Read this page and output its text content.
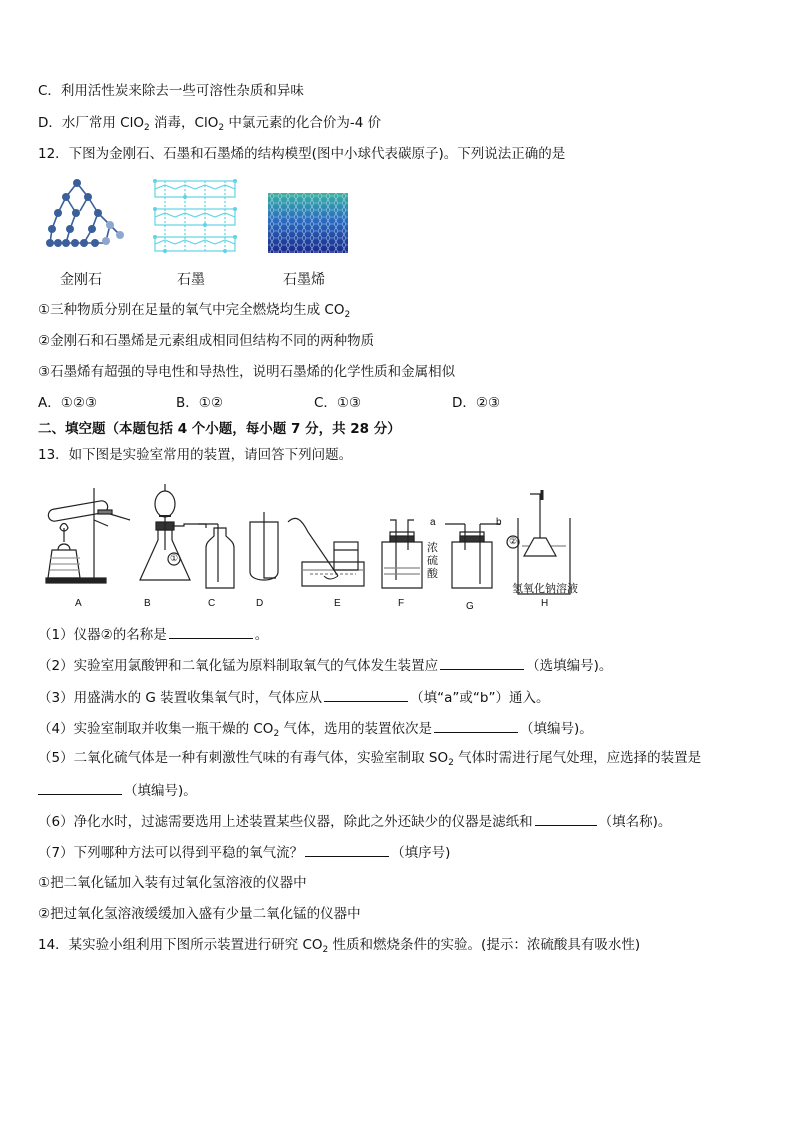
C．利用活性炭来除去一些可溶性杂质和异味
D．水厂常用 ClO$_2$ 消毒，ClO$_2$ 中氯元素的化合价为-4 价
12．下图为金刚石、石墨和石墨烯的结构模型(图中小球代表碳原子)。下列说法正确的是
金刚石	石墨	石墨烯
①三种物质分别在足量的氧气中完全燃烧均生成 $CO_2$
②金刚石和石墨烯是元素组成相同但结构不同的两种物质
③石墨烯有超强的导电性和导热性，说明石墨烯的化学性质和金属相似
A．①②③	B．①②	C．①③	D．②③
二、填空题（本题包括 4 个小题，每小题 7 分，共 28 分）
13．如下图是实验室常用的装置，请回答下列问题。
A	B	C	D	E	F	G	H
①
②
a	b
浓
硫
酸
氢氧化钠溶液
（1）仪器②的名称是	。
（2）实验室用氯酸钾和二氧化锰为原料制取氧气的气体发生装置应	（选填编号)。
（3）用盛满水的 G 装置收集氧气时，气体应从	（填“a”或“b”）通入。
（4）实验室制取并收集一瓶干燥的 $CO_2$ 气体，选用的装置依次是	（填编号)。
（5）二氧化硫气体是一种有刺激性气味的有毒气体，实验室制取 $SO_2$ 气体时需进行尾气处理，应选择的装置是
（填编号)。
（6）净化水时，过滤需要选用上述装置某些仪器，除此之外还缺少的仪器是滤纸和	（填名称)。
（7）下列哪种方法可以得到平稳的氧气流？	（填序号)
①把二氧化锰加入装有过氧化氢溶液的仪器中
②把过氧化氢溶液缓缓加入盛有少量二氧化锰的仪器中
14．某实验小组利用下图所示装置进行研究 $CO_2$ 性质和燃烧条件的实验。(提示：浓硫酸具有吸水性)
